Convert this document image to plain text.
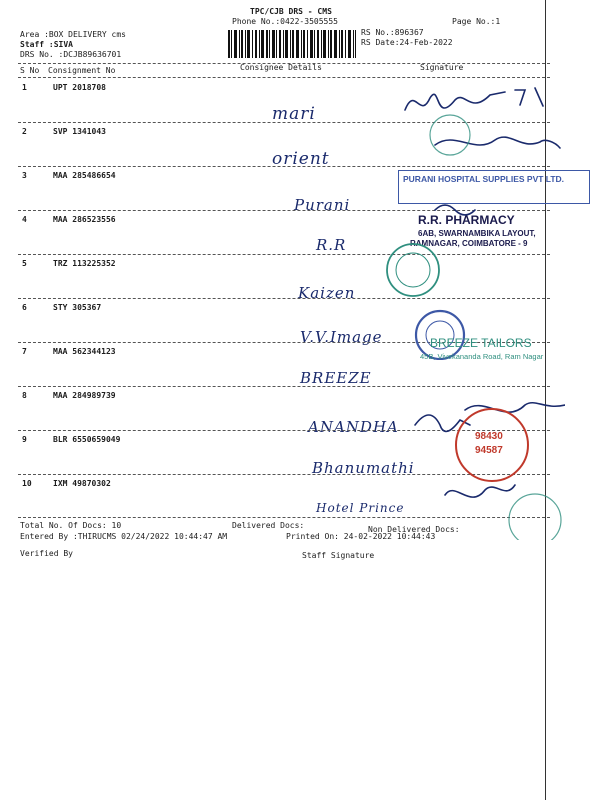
TPC/CJB DRS - CMS
Phone No.:0422-3505555	Page No.:1
Area :BOX DELIVERY cms
Staff :SIVA
DRS No. :DCJB89636701
RS No.:896367
RS Date:24-Feb-2022
S No Consignment No	Consignee Details	Signature
1	UPT 2018708
mari
2	SVP 1341043
orient
3	MAA 285486654
Purani
4	MAA 286523556
R.R
5	TRZ 113225352
Kaizen
6	STY 305367
V.V.Image
7	MAA 562344123
BREEZE
8	MAA 284989739
ANANDHA
9	BLR 6550659049
Bhanumathi
10	IXM 49870302
Hotel Prince
Total No. Of Docs: 10	Delivered Docs:	Non Delivered Docs:
Entered By :THIRUCMS 02/24/2022 10:44:47 AM	Printed On: 24-02-2022 10:44:43
Verified By	Staff Signature
PURANI HOSPITAL SUPPLIES PVT LTD.
R.R. PHARMACY
6AB, SWARNAMBIKA LAYOUT,
RAMNAGAR, COIMBATORE - 9
BREEZE TAILORS
45B, Vivekananda Road, Ram Nagar
98430
94587
